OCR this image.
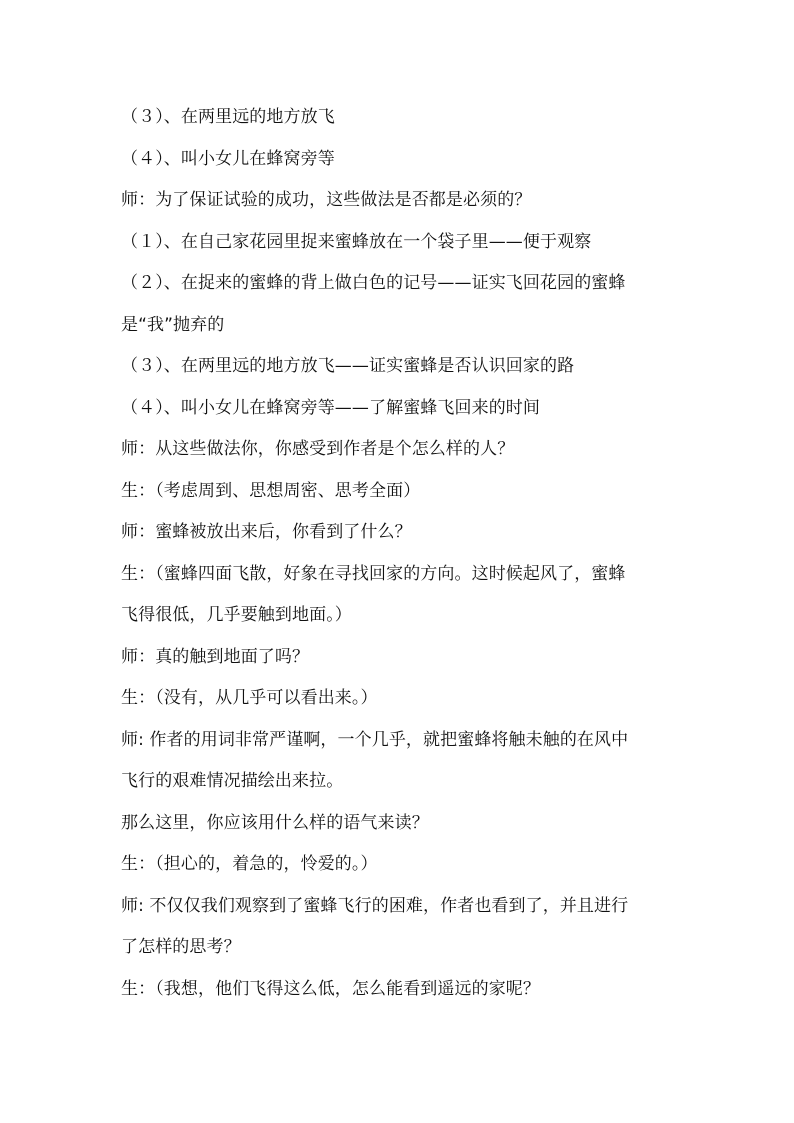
（３）、在两里远的地方放飞
（４）、叫小女儿在蜂窝旁等
师：为了保证试验的成功，这些做法是否都是必须的？
（１）、在自己家花园里捉来蜜蜂放在一个袋子里——便于观察
（２）、在捉来的蜜蜂的背上做白色的记号——证实飞回花园的蜜蜂
是“我”抛弃的
（３）、在两里远的地方放飞——证实蜜蜂是否认识回家的路
（４）、叫小女儿在蜂窝旁等——了解蜜蜂飞回来的时间
师：从这些做法你，你感受到作者是个怎么样的人？
生：（考虑周到、思想周密、思考全面）
师：蜜蜂被放出来后，你看到了什么？
生：（蜜蜂四面飞散，好象在寻找回家的方向。这时候起风了，蜜蜂
飞得很低，几乎要触到地面。）
师：真的触到地面了吗？
生：（没有，从几乎可以看出来。）
师: 作者的用词非常严谨啊，一个几乎，就把蜜蜂将触未触的在风中
飞行的艰难情况描绘出来拉。
那么这里，你应该用什么样的语气来读？
生：（担心的，着急的，怜爱的。）
师: 不仅仅我们观察到了蜜蜂飞行的困难，作者也看到了，并且进行
了怎样的思考？
生：（我想，他们飞得这么低，怎么能看到遥远的家呢？
